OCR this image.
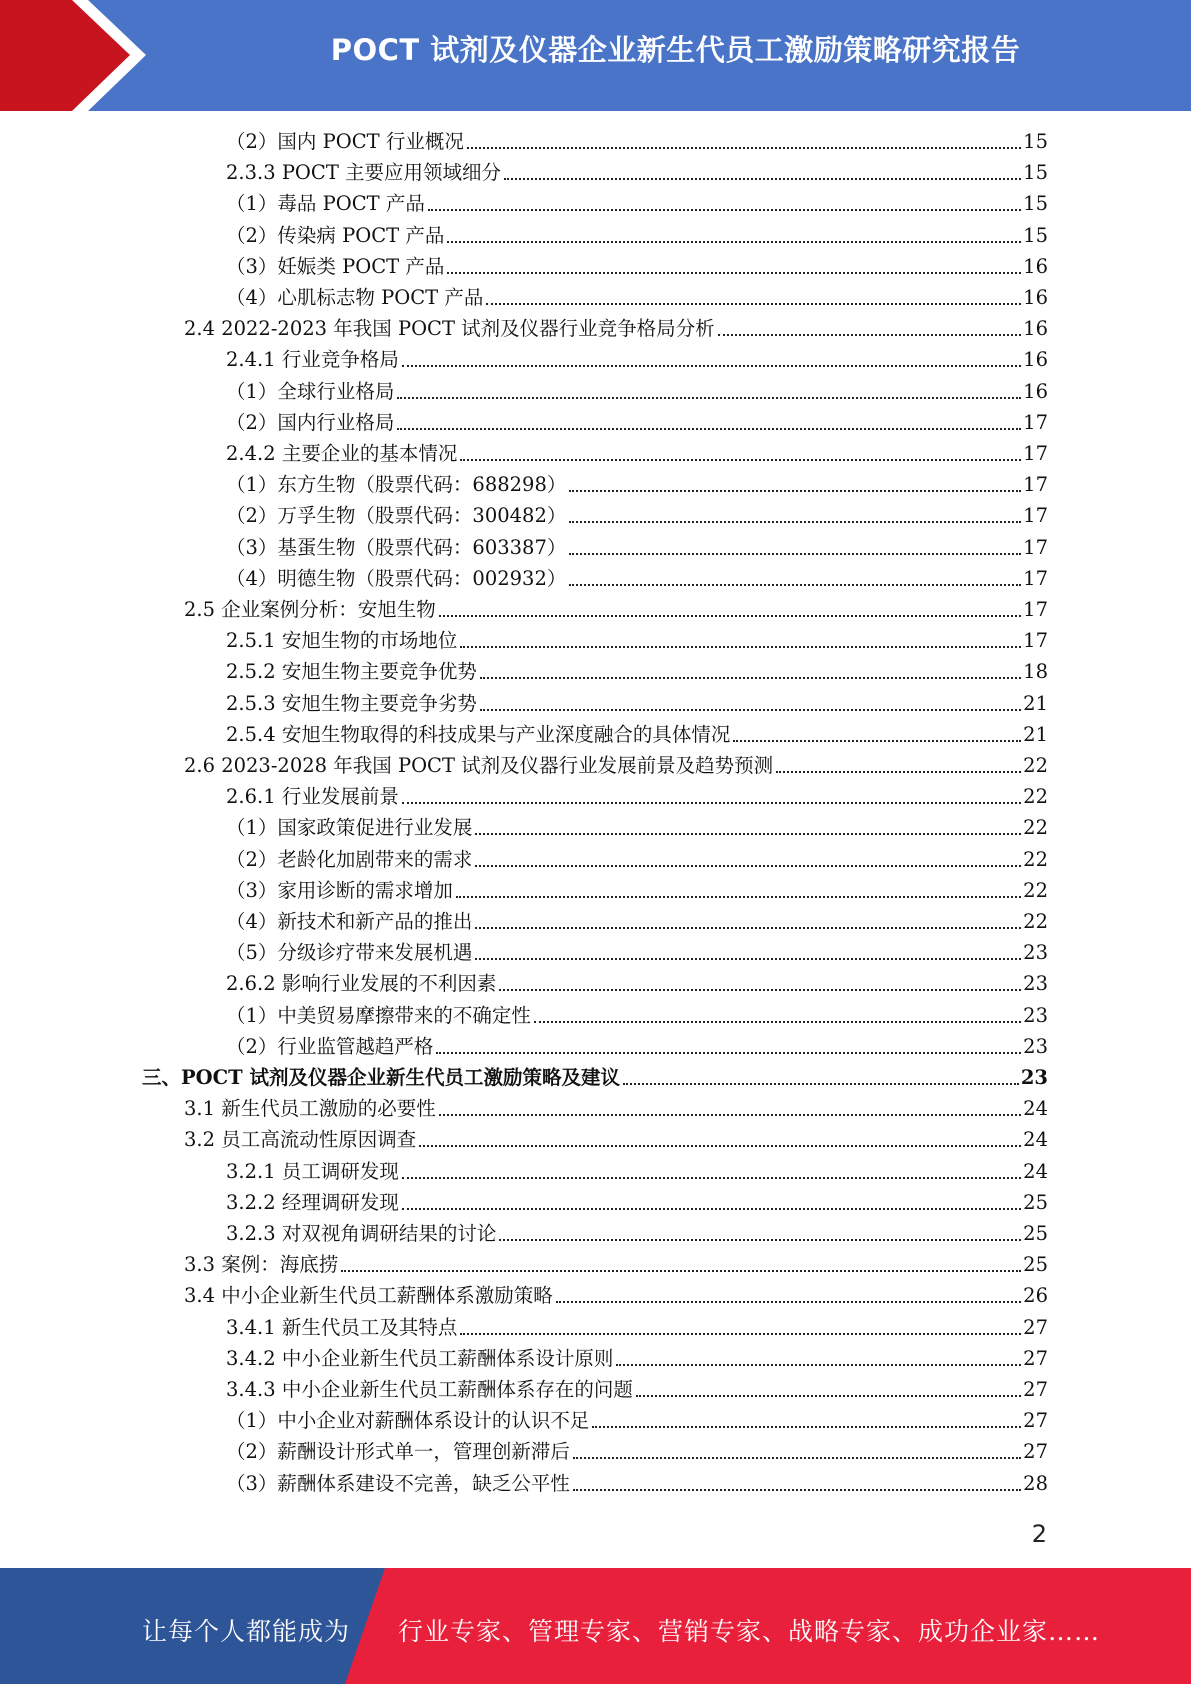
POCT 试剂及仪器企业新生代员工激励策略研究报告
（2）国内 POCT 行业概况	15
2.3.3 POCT 主要应用领域细分	15
（1）毒品 POCT 产品	15
（2）传染病 POCT 产品	15
（3）妊娠类 POCT 产品	16
（4）心肌标志物 POCT 产品	16
2.4 2022-2023 年我国 POCT 试剂及仪器行业竞争格局分析	16
2.4.1 行业竞争格局	16
（1）全球行业格局	16
（2）国内行业格局	17
2.4.2 主要企业的基本情况	17
（1）东方生物（股票代码：688298）	17
（2）万孚生物（股票代码：300482）	17
（3）基蛋生物（股票代码：603387）	17
（4）明德生物（股票代码：002932）	17
2.5 企业案例分析：安旭生物	17
2.5.1 安旭生物的市场地位	17
2.5.2 安旭生物主要竞争优势	18
2.5.3 安旭生物主要竞争劣势	21
2.5.4 安旭生物取得的科技成果与产业深度融合的具体情况	21
2.6 2023-2028 年我国 POCT 试剂及仪器行业发展前景及趋势预测	22
2.6.1 行业发展前景	22
（1）国家政策促进行业发展	22
（2）老龄化加剧带来的需求	22
（3）家用诊断的需求增加	22
（4）新技术和新产品的推出	22
（5）分级诊疗带来发展机遇	23
2.6.2 影响行业发展的不利因素	23
（1）中美贸易摩擦带来的不确定性	23
（2）行业监管越趋严格	23
三、POCT 试剂及仪器企业新生代员工激励策略及建议	23
3.1 新生代员工激励的必要性	24
3.2 员工高流动性原因调查	24
3.2.1 员工调研发现	24
3.2.2 经理调研发现	25
3.2.3 对双视角调研结果的讨论	25
3.3 案例：海底捞	25
3.4 中小企业新生代员工薪酬体系激励策略	26
3.4.1 新生代员工及其特点	27
3.4.2 中小企业新生代员工薪酬体系设计原则	27
3.4.3 中小企业新生代员工薪酬体系存在的问题	27
（1）中小企业对薪酬体系设计的认识不足	27
（2）薪酬设计形式单一，管理创新滞后	27
（3）薪酬体系建设不完善，缺乏公平性	28
2
让每个人都能成为 行业专家、管理专家、营销专家、战略专家、成功企业家……
